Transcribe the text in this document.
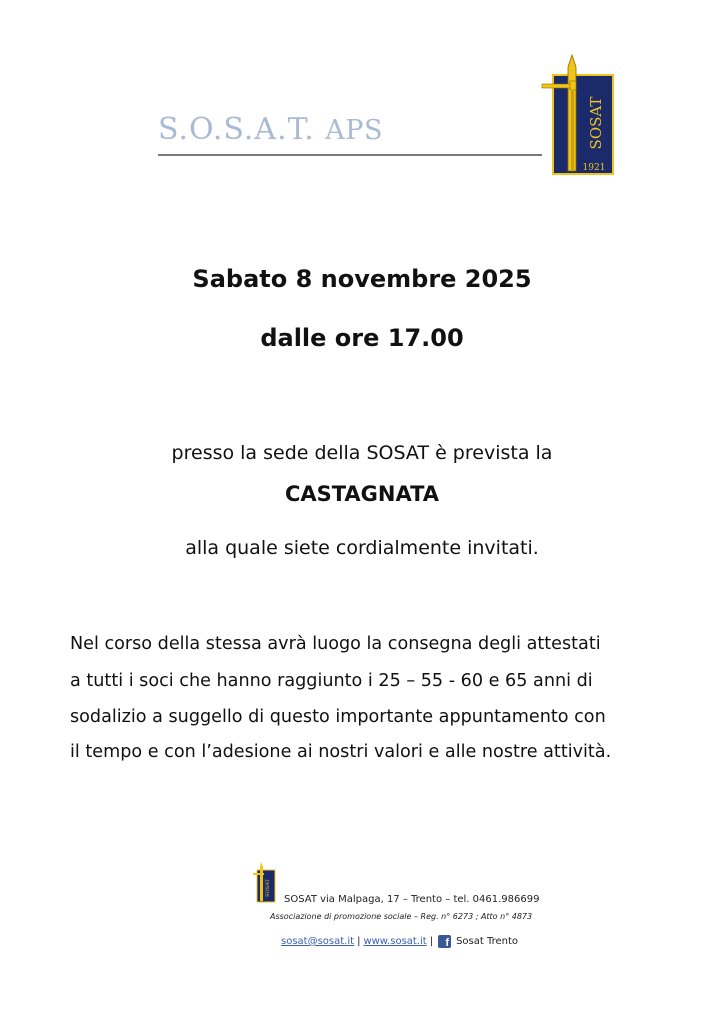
S.O.S.A.T. APS	SOSAT
1921
Sabato 8 novembre 2025
dalle ore 17.00
presso la sede della SOSAT è prevista la
CASTAGNATA
alla quale siete cordialmente invitati.
Nel corso della stessa avrà luogo la consegna degli attestati
a tutti i soci che hanno raggiunto i 25 – 55 - 60 e 65 anni di
sodalizio a suggello di questo importante appuntamento con
il tempo e con l’adesione ai nostri valori e alle nostre attività.
SOSAT
SOSAT via Malpaga, 17 – Trento – tel. 0461.986699
Associazione di promozione sociale – Reg. n° 6273 ; Atto n° 4873
sosat@sosat.it | www.sosat.it | f Sosat Trento
